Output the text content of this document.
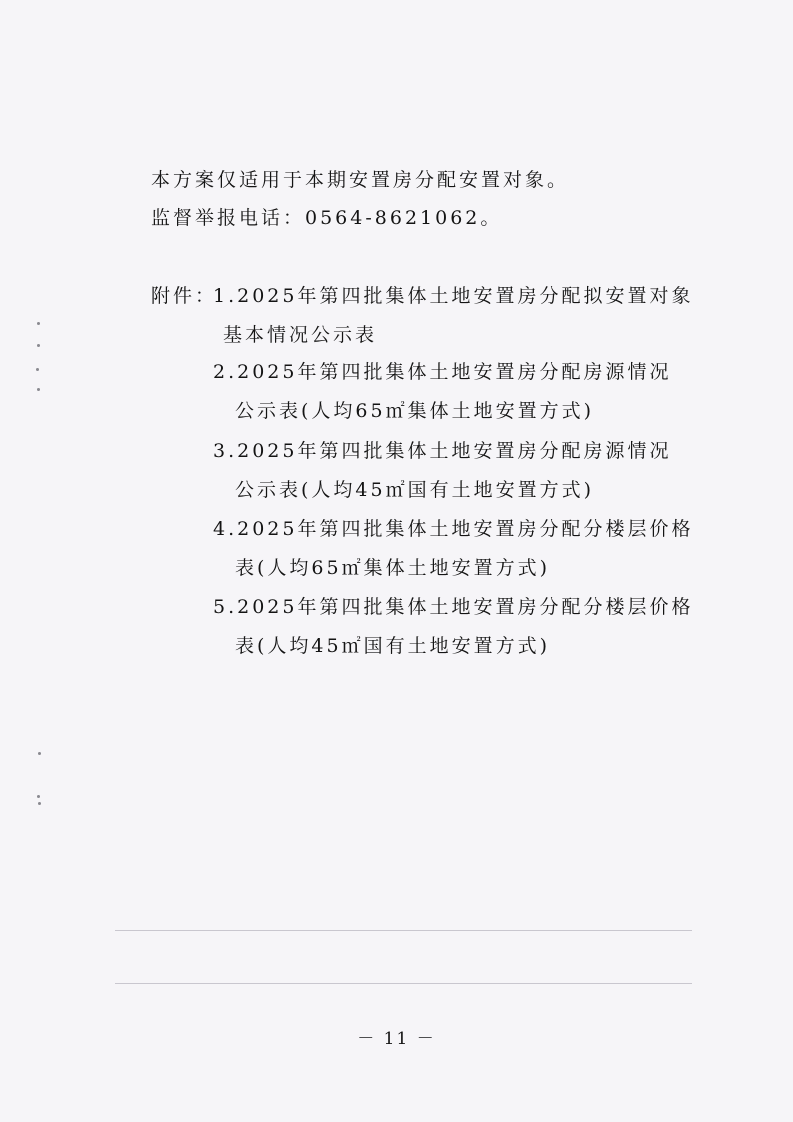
本方案仅适用于本期安置房分配安置对象。
监督举报电话：0564-8621062。
附件：
1.2025年第四批集体土地安置房分配拟安置对象
基本情况公示表
2.2025年第四批集体土地安置房分配房源情况
公示表(人均65㎡集体土地安置方式)
3.2025年第四批集体土地安置房分配房源情况
公示表(人均45㎡国有土地安置方式)
4.2025年第四批集体土地安置房分配分楼层价格
表(人均65㎡集体土地安置方式)
5.2025年第四批集体土地安置房分配分楼层价格
表(人均45㎡国有土地安置方式)
－ 11 －
